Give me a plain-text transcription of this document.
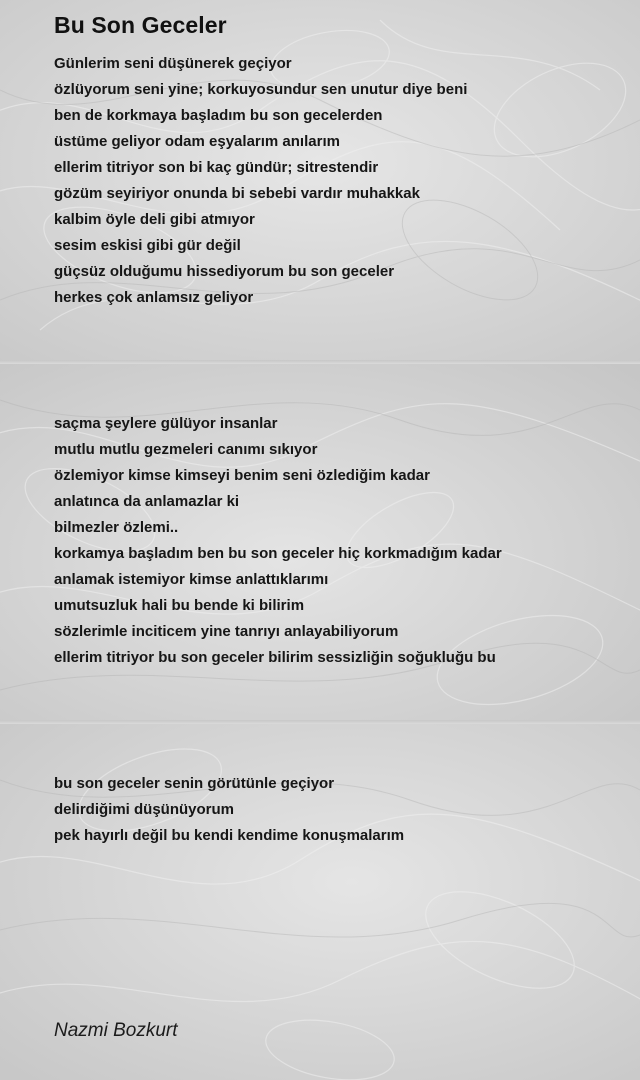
Bu Son Geceler
Günlerim seni düşünerek geçiyor
özlüyorum seni yine; korkuyosundur sen unutur diye beni
ben de korkmaya başladım bu son gecelerden
üstüme geliyor odam eşyalarım anılarım
ellerim titriyor son bi kaç gündür; sitrestendir
gözüm seyiriyor onunda bi sebebi vardır muhakkak
kalbim öyle deli gibi atmıyor
sesim eskisi gibi gür değil
güçsüz olduğumu hissediyorum bu son geceler
herkes çok anlamsız geliyor
saçma şeylere gülüyor insanlar
mutlu mutlu gezmeleri canımı sıkıyor
özlemiyor kimse kimseyi benim seni özlediğim kadar
anlatınca da anlamazlar ki
bilmezler özlemi..
korkamya başladım ben bu son geceler hiç korkmadığım kadar
anlamak istemiyor kimse anlattıklarımı
umutsuzluk hali bu bende ki bilirim
sözlerimle inciticem yine tanrıyı anlayabiliyorum
ellerim titriyor bu son geceler bilirim sessizliğin soğukluğu bu
bu son geceler senin görütünle geçiyor
delirdiğimi düşünüyorum
pek hayırlı değil bu kendi kendime konuşmalarım

Nazmi Bozkurt
